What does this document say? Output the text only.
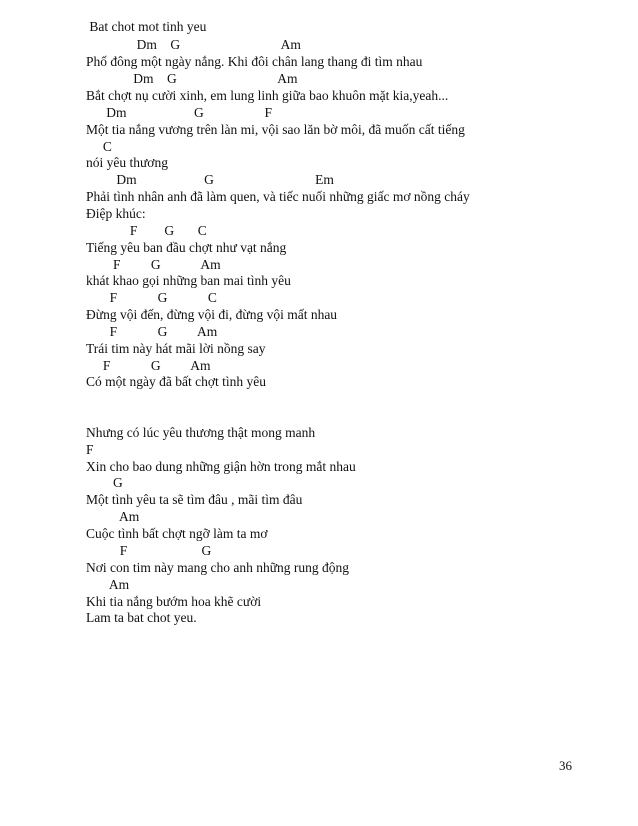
Bat chot mot tinh yeu

Dm    G                              Am

Phố đông một ngày nắng. Khi đôi chân lang thang đi tìm nhau

Dm    G                              Am

Bắt chợt nụ cười xinh, em lung linh giữa bao khuôn mặt kia,yeah...

Dm                    G                  F

Một tia nắng vương trên làn mi, vội sao lăn bờ môi, đã muốn cất tiếng

C

nói yêu thương

Dm                    G                              Em

Phải tình nhân anh đã làm quen, và tiếc nuối những giấc mơ nồng cháy

Điệp khúc:

F        G       C

Tiếng yêu ban đầu chợt như vạt nắng

F         G            Am

khát khao gọi những ban mai tình yêu

F            G            C

Đừng vội đến, đừng vội đi, đừng vội mất nhau

F            G         Am

Trái tim này hát mãi lời nồng say

F            G         Am

Có một ngày đã bất chợt tình yêu

Nhưng có lúc yêu thương thật mong manh

F

Xin cho bao dung những giận hờn trong mắt nhau

G

Một tình yêu ta sẽ tìm đâu , mãi tìm đâu

Am

Cuộc tình bất chợt ngỡ làm ta mơ

F                      G

Nơi con tim này mang cho anh những rung động

Am

Khi tia nắng bướm hoa khẽ cười

Lam ta bat chot yeu.

36
